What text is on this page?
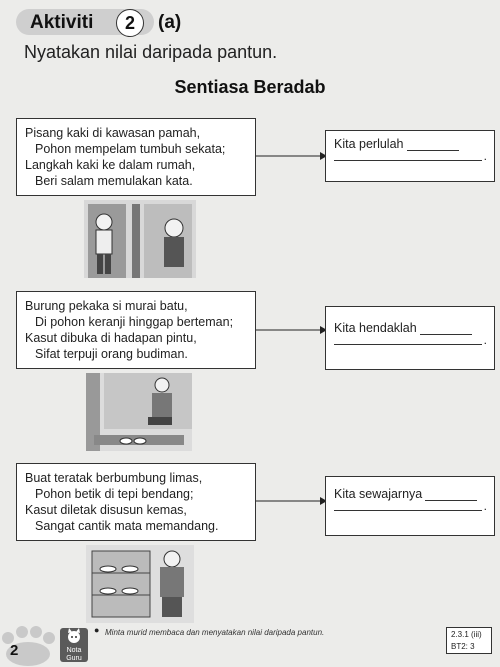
Aktiviti	2	(a)
Nyatakan nilai daripada pantun.
Sentiasa Beradab
Pisang kaki di kawasan pamah,
Pohon mempelam tumbuh sekata;
Langkah kaki ke dalam rumah,
Beri salam memulakan kata.
Kita perlulah
.
Burung pekaka si murai batu,
Di pohon keranji hinggap berteman;
Kasut dibuka di hadapan pintu,
Sifat terpuji orang budiman.
Kita hendaklah
.
Buat teratak berbumbung limas,
Pohon betik di tepi bendang;
Kasut diletak disusun kemas,
Sangat cantik mata memandang.
Kita sewajarnya
.
2	Nota
Guru
● Minta murid membaca dan menyatakan nilai daripada pantun.	2.3.1 (iii)
BT2: 3
